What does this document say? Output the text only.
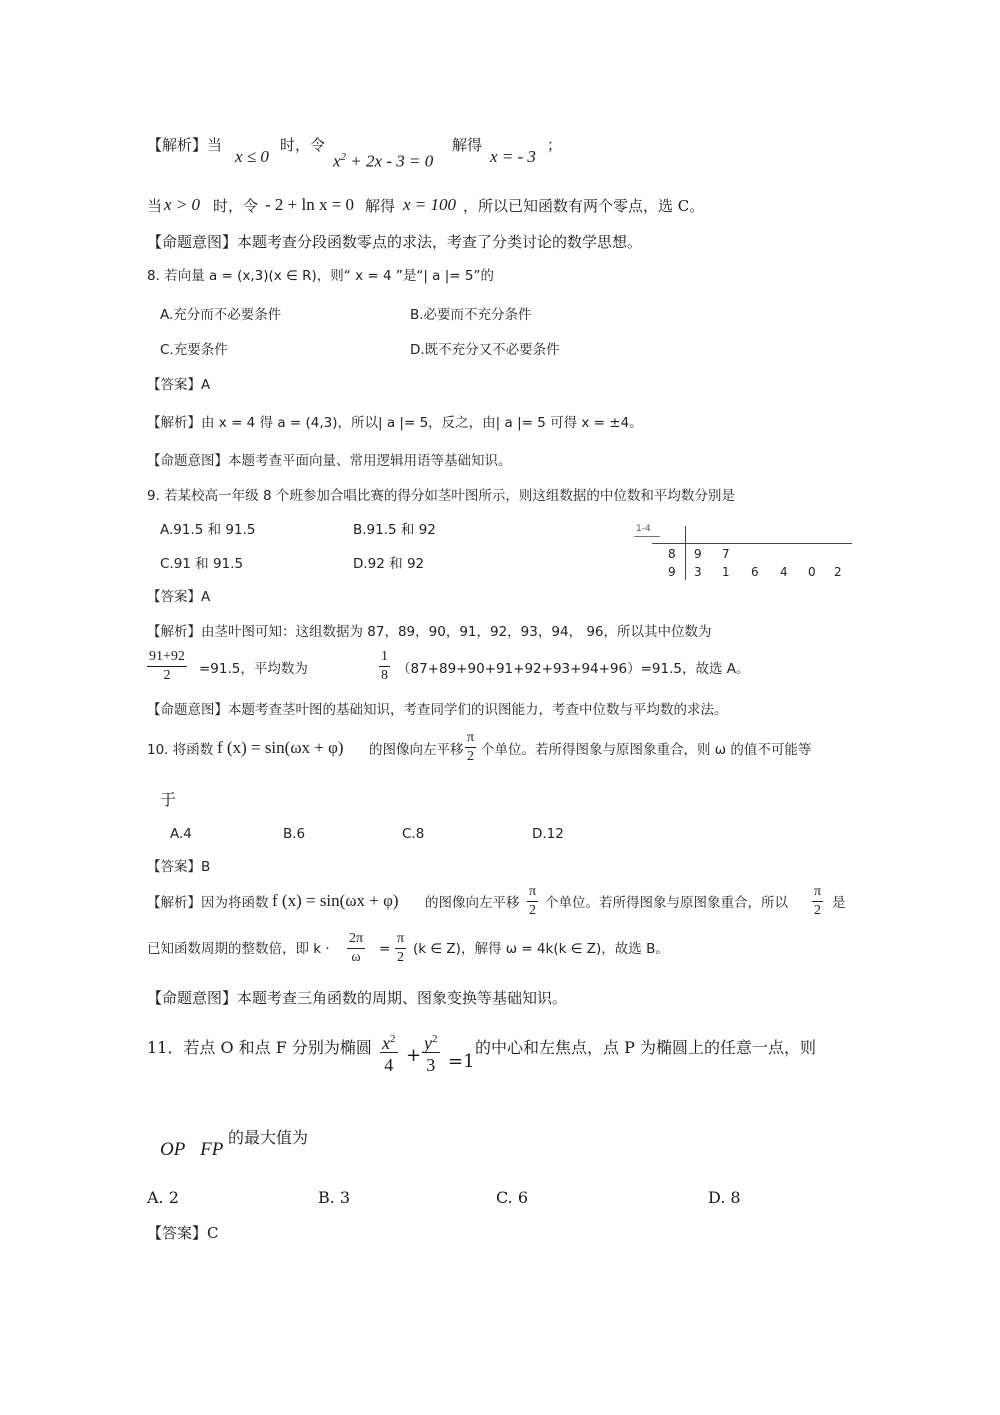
【解析】当
x ≤ 0
时，令
$x^2 + 2x - 3 = 0$
解得
x = - 3
；
当 x > 0 时，令 - 2 + ln x = 0 解得 x = 100 ，所以已知函数有两个零点，选 C。
【命题意图】本题考查分段函数零点的求法，考查了分类讨论的数学思想。
8. 若向量 a = (x,3)(x ∈ R)，则“ x = 4 ”是“| a |= 5”的
A.充分而不必要条件	B.必要而不充分条件
C.充要条件	D.既不充分又不必要条件
【答案】A
【解析】由 x = 4 得 a = (4,3)，所以| a |= 5，反之，由| a |= 5 可得 x = ±4。
【命题意图】本题考查平面向量、常用逻辑用语等基础知识。
9. 若某校高一年级 8 个班参加合唱比赛的得分如茎叶图所示，则这组数据的中位数和平均数分别是
A.91.5 和 91.5	B.91.5 和 92
C.91 和 91.5	D.92 和 92
1-4
8 9 7
9 3 1 6 4 0 2
【答案】A
【解析】由茎叶图可知：这组数据为 87，89，90，91，92，93，94， 96，所以其中位数为
$\frac{91+92}{2} =91.5$，平均数为	$\frac{1}{8} (87+89+90+91+92+93+94+96)=91.5$，故选 A。
【命题意图】本题考查茎叶图的基础知识，考查同学们的识图能力，考查中位数与平均数的求法。
10. 将函数 f (x) = sin(ωx + φ) 的图像向左平移 $\frac{\pi}{2}$ 个单位。若所得图象与原图象重合，则 ω 的值不可能等
于
A.4	B.6	C.8	D.12
【答案】B
【解析】因为将函数 f (x) = sin(ωx + φ) 的图像向左平移 $\frac{\pi}{2}$ 个单位。若所得图象与原图象重合，所以 $\frac{\pi}{2}$ 是
已知函数周期的整数倍，即 $k \cdot \frac{2\pi}{\omega} = \frac{\pi}{2} (k$ ∈ Z)，解得 ω = 4k(k ∈ Z)，故选 B。
【命题意图】本题考查三角函数的周期、图象变换等基础知识。
11．若点 O 和点 F 分别为椭圆 $\frac{x^2}{4} + \frac{y^2}{3} =1$
的中心和左焦点，点 P 为椭圆上的任意一点，则
OP⃞FP
的最大值为
A. 2	B. 3	C. 6	D. 8
【答案】C
